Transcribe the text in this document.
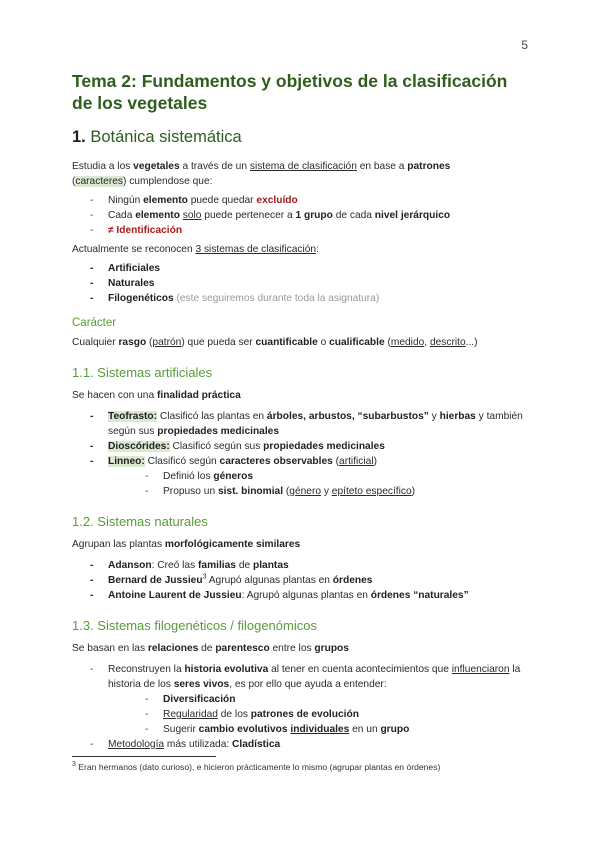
5
Tema 2: Fundamentos y objetivos de la clasificación de los vegetales
1. Botánica sistemática

Estudia a los vegetales a través de un sistema de clasificación en base a patrones
(caracteres) cumplendose que:

- Ningún elemento puede quedar excluído
- Cada elemento solo puede pertenecer a 1 grupo de cada nivel jerárquico
- ≠ Identificación

Actualmente se reconocen 3 sistemas de clasificación:

- Artificiales
- Naturales
- Filogenéticos (este seguiremos durante toda la asignatura)
Carácter

Cualquier rasgo (patrón) que pueda ser cuantificable o cualificable (medido, descrito...)

1.1. Sistemas artificiales

Se hacen con una finalidad práctica

- Teofrasto: Clasificó las plantas en árboles, arbustos, “subarbustos” y hierbas y también según sus propiedades medicinales
- Dioscórides: Clasificó según sus propiedades medicinales
- Linneo: Clasificó según caracteres observables (artificial)
- Definió los géneros
- Propuso un sist. binomial (género y epíteto específico)
1.2. Sistemas naturales

Agrupan las plantas morfológicamente similares

- Adanson: Creó las familias de plantas
- Bernard de Jussieu$^3$ Agrupó algunas plantas en órdenes
- Antoine Laurent de Jussieu: Agrupó algunas plantas en órdenes “naturales”
1.3. Sistemas filogenéticos / filogenómicos

Se basan en las relaciones de parentesco entre los grupos

- Reconstruyen la historia evolutiva al tener en cuenta acontecimientos que influenciaron la historia de los seres vivos, es por ello que ayuda a entender:
- Diversificación
- Regularidad de los patrones de evolución
- Sugerir cambio evolutivos individuales en un grupo
- Metodología más utilizada: Cladística
$^3$ Eran hermanos (dato curioso), e hicieron prácticamente lo mismo (agrupar plantas en órdenes)
